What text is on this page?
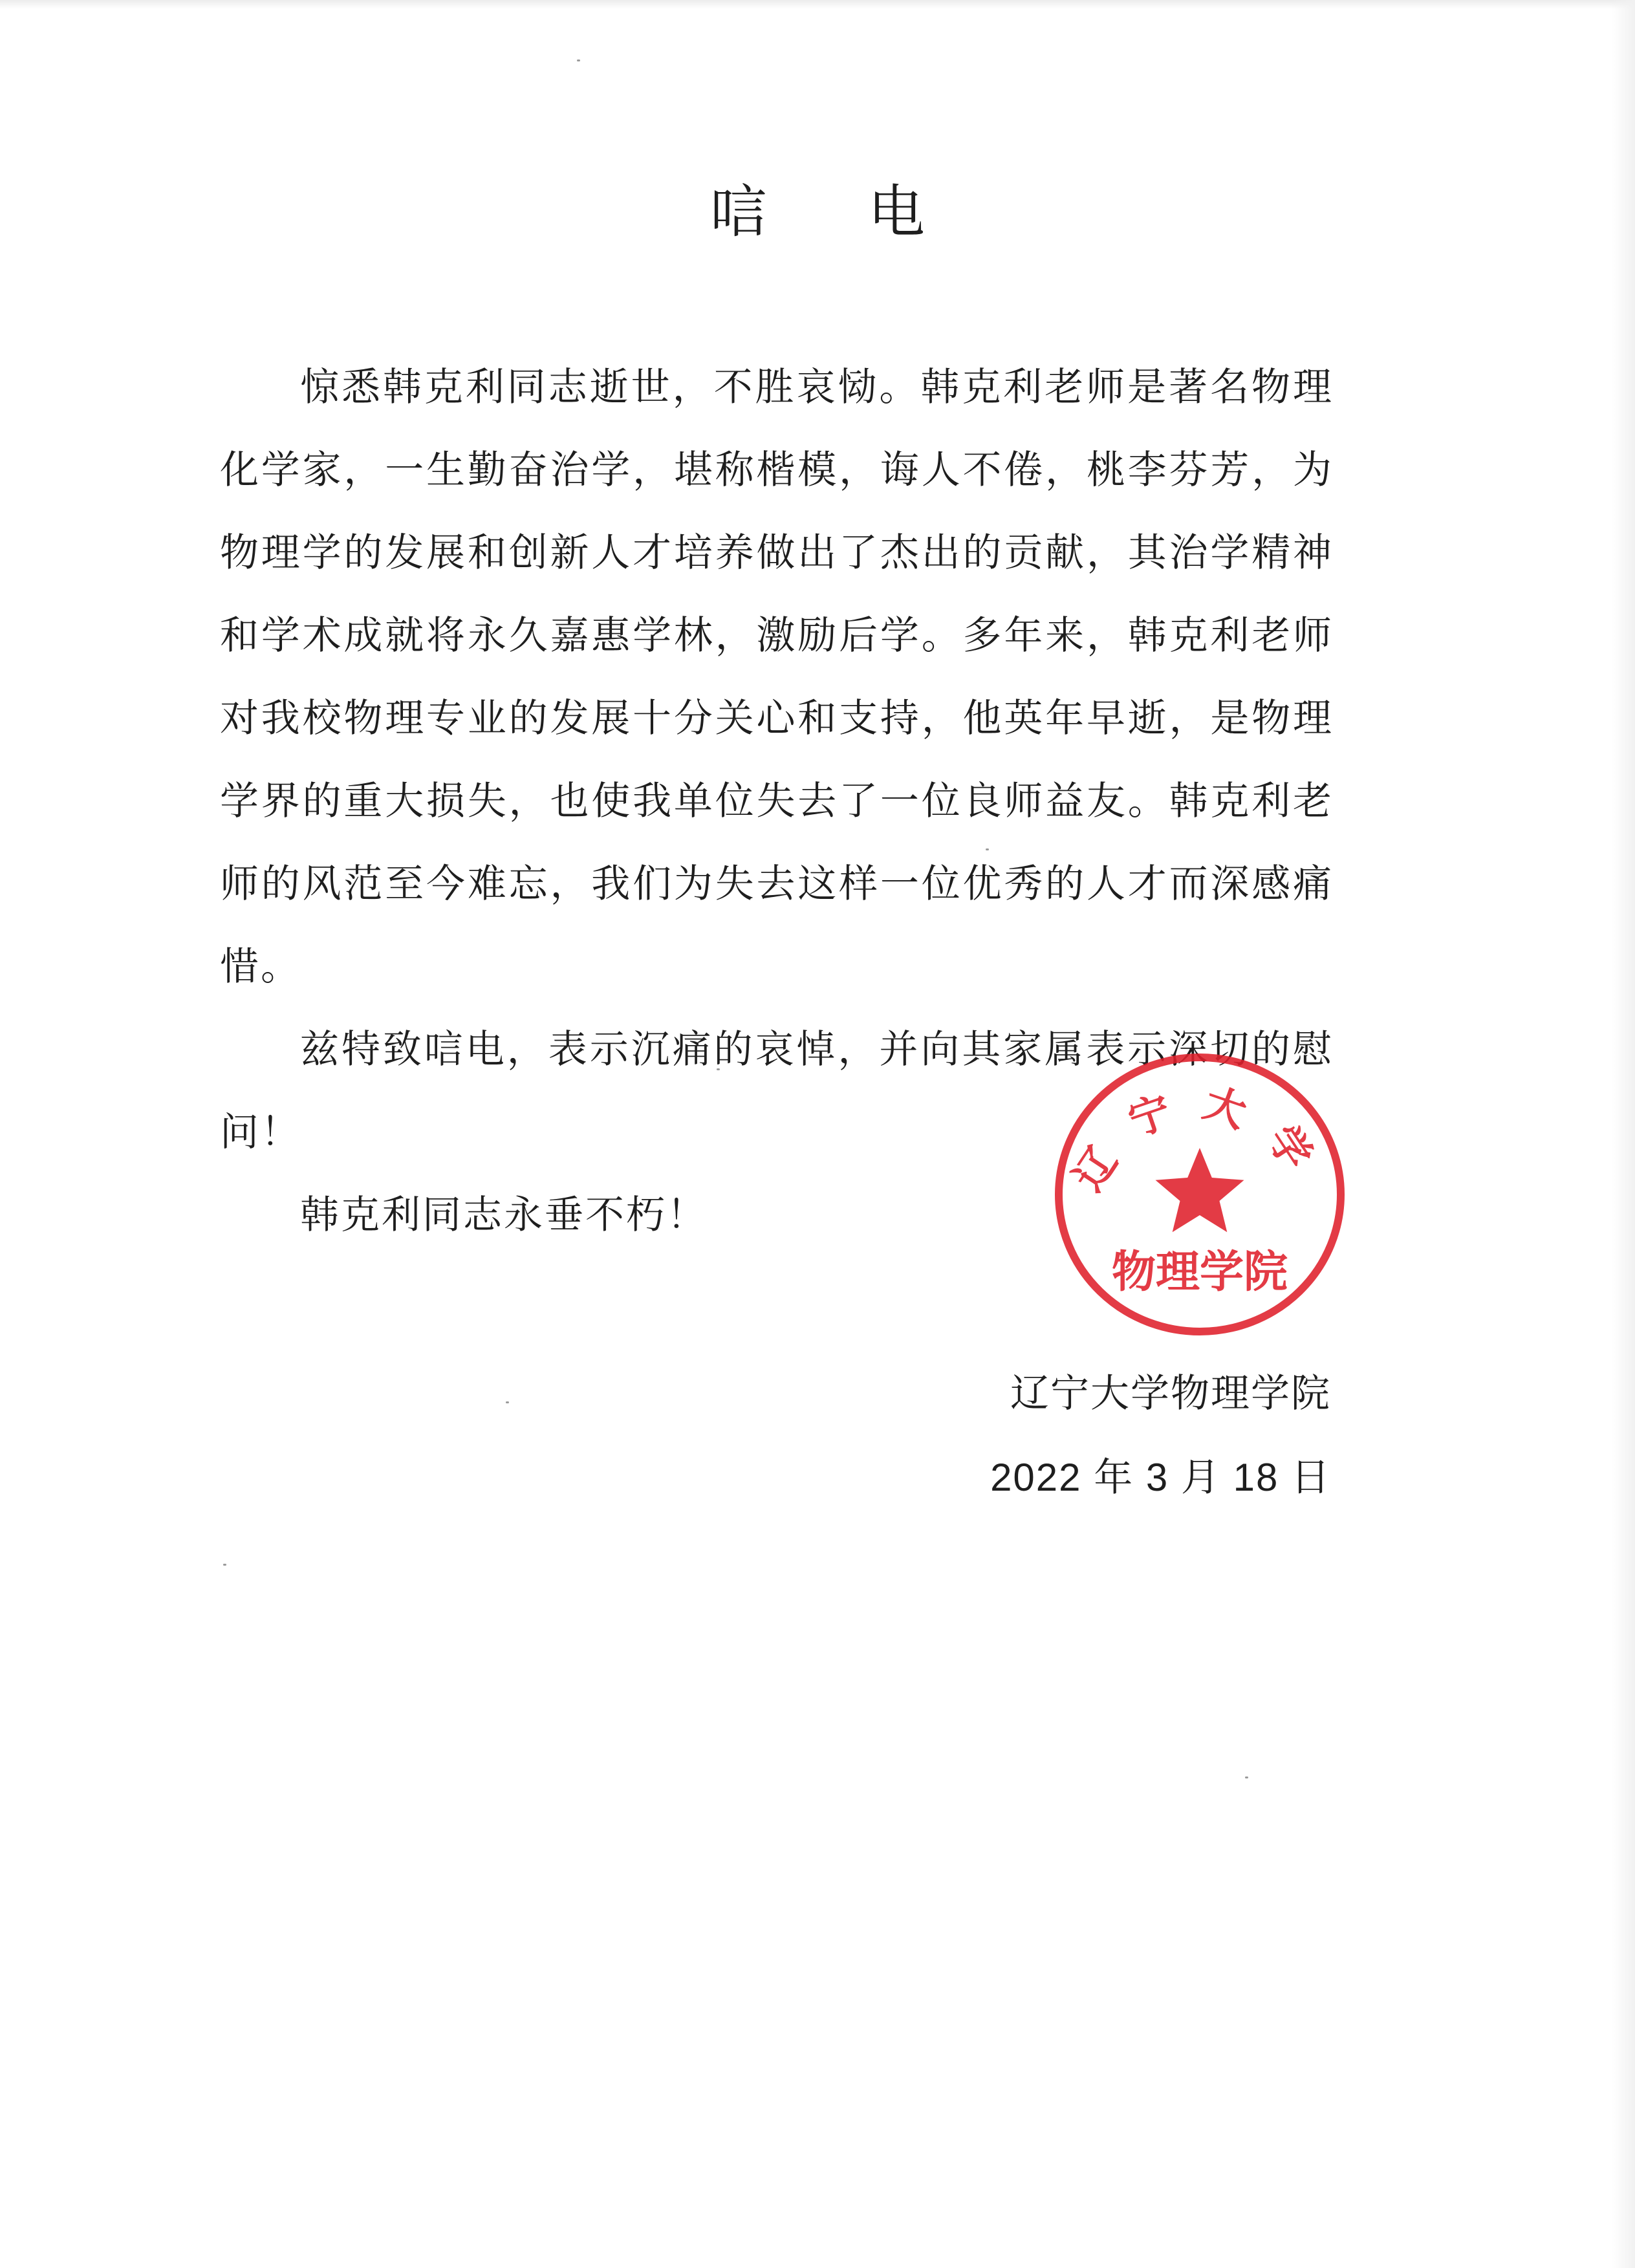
唁 电

惊悉韩克利同志逝世，不胜哀恸。韩克利老师是著名物理化学家，一生勤奋治学，堪称楷模，诲人不倦，桃李芬芳，为物理学的发展和创新人才培养做出了杰出的贡献，其治学精神和学术成就将永久嘉惠学林，激励后学。多年来，韩克利老师对我校物理专业的发展十分关心和支持，他英年早逝，是物理学界的重大损失，也使我单位失去了一位良师益友。韩克利老师的风范至今难忘，我们为失去这样一位优秀的人才而深感痛惜。

兹特致唁电，表示沉痛的哀悼，并向其家属表示深切的慰问！

韩克利同志永垂不朽！

辽宁大学
物理学院
辽宁大学物理学院
2022 年 3 月 18 日
